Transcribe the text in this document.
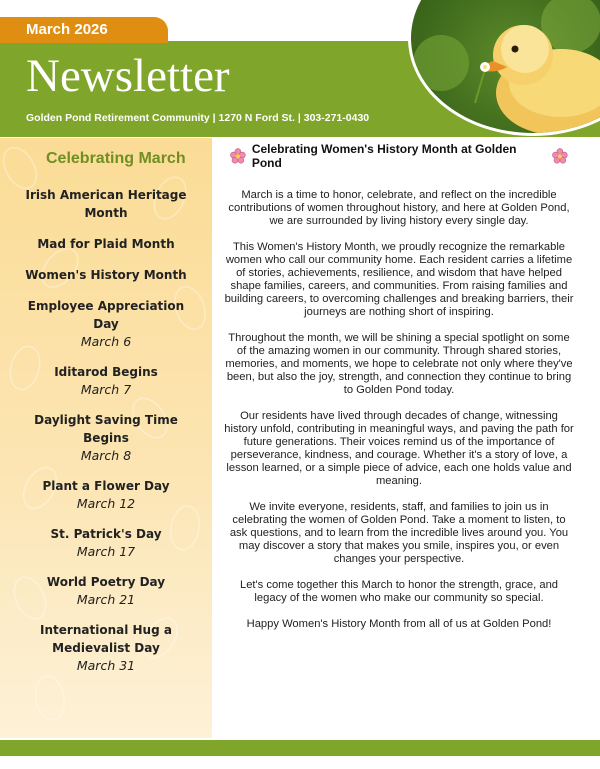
March 2026
Newsletter
Golden Pond Retirement Community | 1270 N Ford St. | 303-271-0430
Celebrating March
Irish American Heritage Month
Mad for Plaid Month
Women's History Month
Employee Appreciation Day
March 6
Iditarod Begins
March 7
Daylight Saving Time Begins
March 8
Plant a Flower Day
March 12
St. Patrick's Day
March 17
World Poetry Day
March 21
International Hug a Medievalist Day
March 31
Celebrating Women's History Month at Golden Pond

March is a time to honor, celebrate, and reflect on the incredible contributions of women throughout history, and here at Golden Pond, we are surrounded by living history every single day.

This Women's History Month, we proudly recognize the remarkable women who call our community home. Each resident carries a lifetime of stories, achievements, resilience, and wisdom that have helped shape families, careers, and communities. From raising families and building careers, to overcoming challenges and breaking barriers, their journeys are nothing short of inspiring.

Throughout the month, we will be shining a special spotlight on some of the amazing women in our community. Through shared stories, memories, and moments, we hope to celebrate not only where they've been, but also the joy, strength, and connection they continue to bring to Golden Pond today.

Our residents have lived through decades of change, witnessing history unfold, contributing in meaningful ways, and paving the path for future generations. Their voices remind us of the importance of perseverance, kindness, and courage. Whether it's a story of love, a lesson learned, or a simple piece of advice, each one holds value and meaning.

We invite everyone, residents, staff, and families to join us in celebrating the women of Golden Pond. Take a moment to listen, to ask questions, and to learn from the incredible lives around you. You may discover a story that makes you smile, inspires you, or even changes your perspective.

Let's come together this March to honor the strength, grace, and legacy of the women who make our community so special.

Happy Women's History Month from all of us at Golden Pond!
